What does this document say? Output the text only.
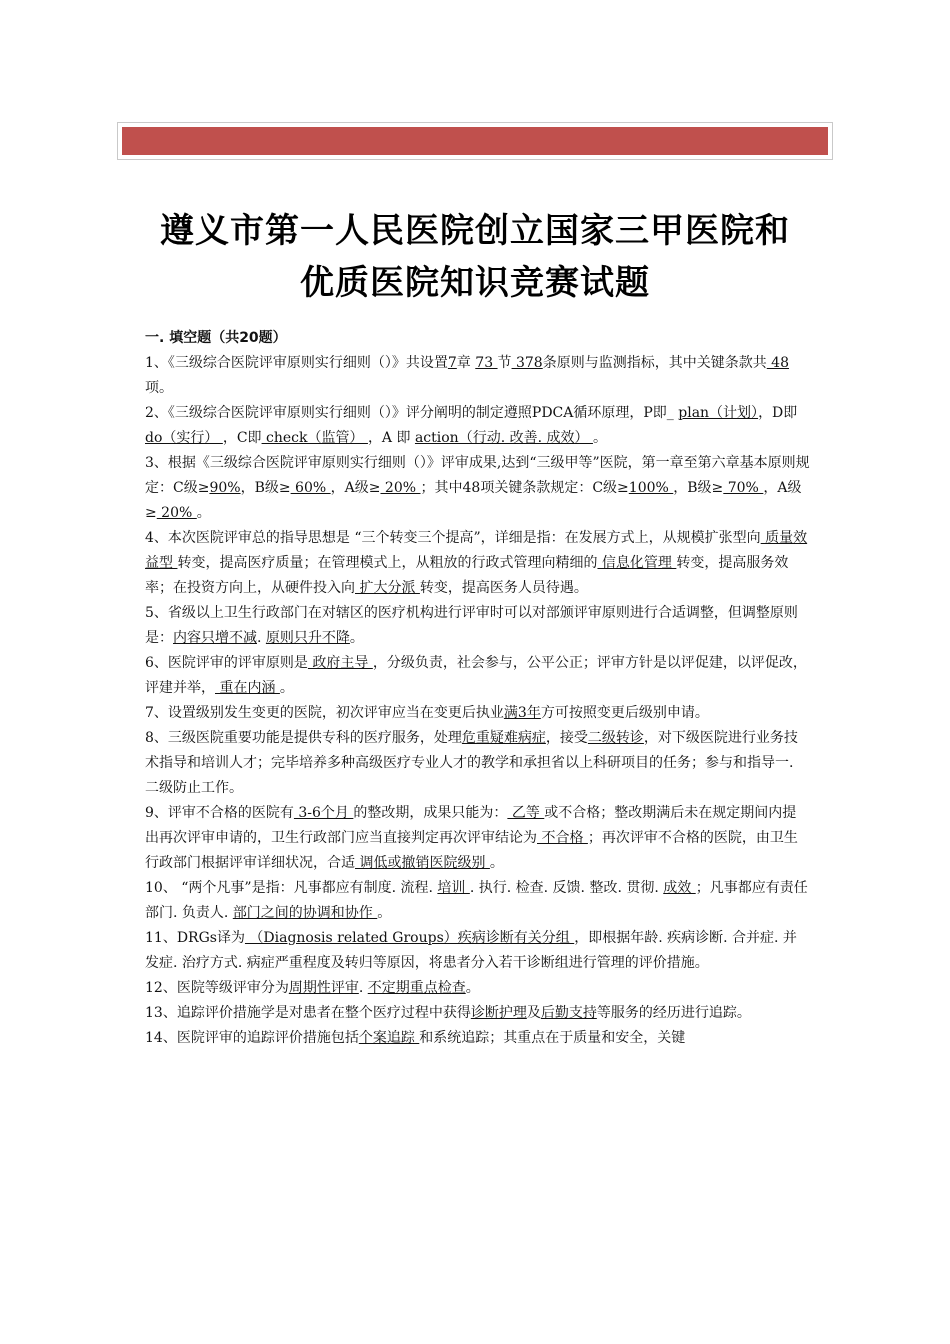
遵义市第一人民医院创立国家三甲医院和
优质医院知识竞赛试题

一. 填空题（共20题）

1、《三级综合医院评审原则实行细则（）》共设置7章 73 节 378条原则与监测指标，其中关键条款共 48 项。

2、《三级综合医院评审原则实行细则（）》评分阐明的制定遵照PDCA循环原理，P即_ plan（计划），D即 do（实行） ，C即 check（监管） ，A 即 action（行动. 改善. 成效） 。

3、根据《三级综合医院评审原则实行细则（）》评审成果,达到“三级甲等”医院，第一章至第六章基本原则规定：C级≥90%，B级≥ 60% ，A级≥ 20% ；其中48项关键条款规定：C级≥100% ，B级≥ 70% ，A级≥ 20% 。

4、本次医院评审总的指导思想是 “三个转变三个提高”，详细是指：在发展方式上，从规模扩张型向 质量效益型 转变，提高医疗质量；在管理模式上，从粗放的行政式管理向精细的 信息化管理 转变，提高服务效率；在投资方向上，从硬件投入向 扩大分派 转变，提高医务人员待遇。

5、省级以上卫生行政部门在对辖区的医疗机构进行评审时可以对部颁评审原则进行合适调整，但调整原则是：内容只增不减. 原则只升不降。

6、医院评审的评审原则是 政府主导 ，分级负责，社会参与，公平公正；评审方针是以评促建，以评促改，评建并举， 重在内涵 。

7、设置级别发生变更的医院，初次评审应当在变更后执业满3年方可按照变更后级别申请。

8、三级医院重要功能是提供专科的医疗服务，处理危重疑难病症，接受二级转诊，对下级医院进行业务技术指导和培训人才；完毕培养多种高级医疗专业人才的教学和承担省以上科研项目的任务；参与和指导一. 二级防止工作。

9、评审不合格的医院有 3-6个月 的整改期，成果只能为： 乙等 或不合格；整改期满后未在规定期间内提出再次评审申请的，卫生行政部门应当直接判定再次评审结论为 不合格 ；再次评审不合格的医院，由卫生行政部门根据评审详细状况，合适 调低或撤销医院级别 。

10、 “两个凡事”是指：凡事都应有制度. 流程. 培训 . 执行. 检查. 反馈. 整改. 贯彻. 成效 ；凡事都应有责任部门. 负责人. 部门之间的协调和协作 。

11、DRGs译为 （Diagnosis related Groups）疾病诊断有关分组 ，即根据年龄. 疾病诊断. 合并症. 并发症. 治疗方式. 病症严重程度及转归等原因，将患者分入若干诊断组进行管理的评价措施。

12、医院等级评审分为周期性评审. 不定期重点检查。

13、追踪评价措施学是对患者在整个医疗过程中获得诊断护理及后勤支持等服务的经历进行追踪。

14、医院评审的追踪评价措施包括个案追踪 和系统追踪；其重点在于质量和安全，关键
